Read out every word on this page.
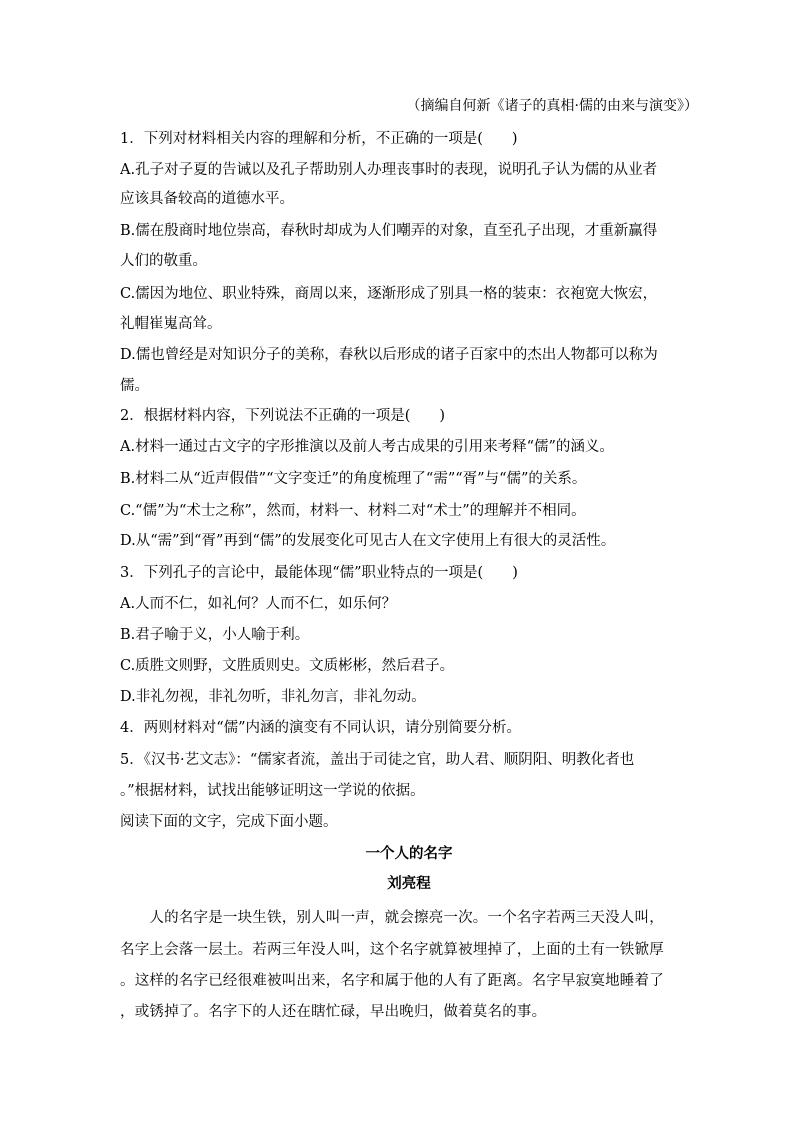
（摘编自何新《诸子的真相·儒的由来与演变》）
1．下列对材料相关内容的理解和分析，不正确的一项是(　　)
A.孔子对子夏的告诫以及孔子帮助别人办理丧事时的表现，说明孔子认为儒的从业者
应该具备较高的道德水平。
B.儒在殷商时地位崇高，春秋时却成为人们嘲弄的对象，直至孔子出现，才重新赢得
人们的敬重。
C.儒因为地位、职业特殊，商周以来，逐渐形成了别具一格的装束：衣袍宽大恢宏，
礼帽崔嵬高耸。
D.儒也曾经是对知识分子的美称，春秋以后形成的诸子百家中的杰出人物都可以称为
儒。
2．根据材料内容，下列说法不正确的一项是(　　)
A.材料一通过古文字的字形推演以及前人考古成果的引用来考释“儒”的涵义。
B.材料二从“近声假借”“文字变迁”的角度梳理了“需”“胥”与“儒”的关系。
C.“儒”为“术士之称”，然而，材料一、材料二对“术士”的理解并不相同。
D.从“需”到“胥”再到“儒”的发展变化可见古人在文字使用上有很大的灵活性。
3．下列孔子的言论中，最能体现“儒”职业特点的一项是(　　)
A.人而不仁，如礼何？人而不仁，如乐何？
B.君子喻于义，小人喻于利。
C.质胜文则野，文胜质则史。文质彬彬，然后君子。
D.非礼勿视，非礼勿听，非礼勿言，非礼勿动。
4．两则材料对“儒”内涵的演变有不同认识，请分别简要分析。
5．《汉书·艺文志》：“儒家者流，盖出于司徒之官，助人君、顺阴阳、明教化者也
。”根据材料，试找出能够证明这一学说的依据。
阅读下面的文字，完成下面小题。
一个人的名字
刘亮程
　　人的名字是一块生铁，别人叫一声，就会擦亮一次。一个名字若两三天没人叫，
名字上会落一层土。若两三年没人叫，这个名字就算被埋掉了，上面的土有一铁锨厚
。这样的名字已经很难被叫出来，名字和属于他的人有了距离。名字早寂寞地睡着了
，或锈掉了。名字下的人还在瞎忙碌，早出晚归，做着莫名的事。
